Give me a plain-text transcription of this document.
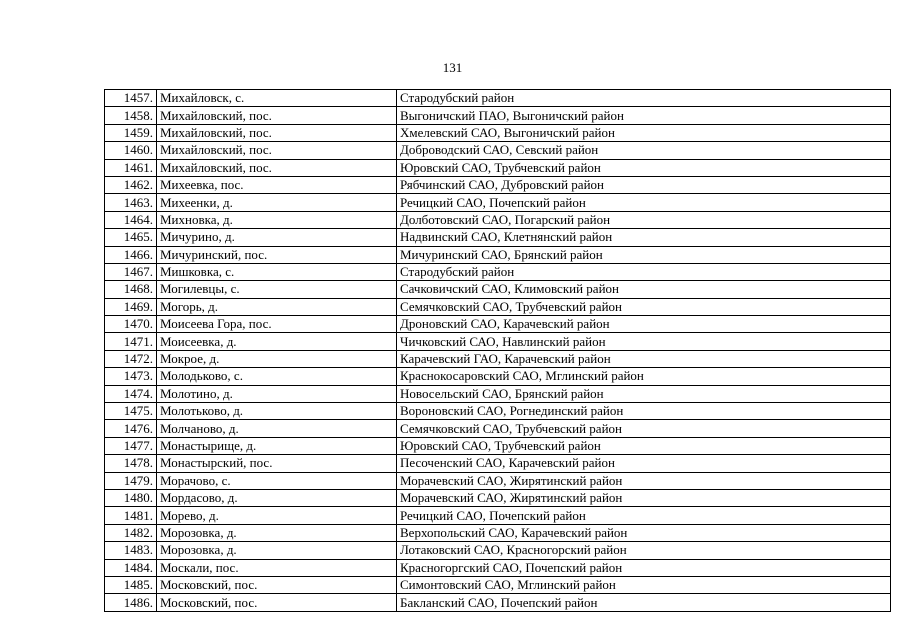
131
1457.	Михайловск, с.	Стародубский район
1458.	Михайловский, пос.	Выгоничский ПАО, Выгоничский район
1459.	Михайловский, пос.	Хмелевский САО, Выгоничский район
1460.	Михайловский, пос.	Доброводский САО, Севский район
1461.	Михайловский, пос.	Юровский САО, Трубчевский район
1462.	Михеевка, пос.	Рябчинский САО, Дубровский район
1463.	Михеенки, д.	Речицкий САО, Почепский район
1464.	Михновка, д.	Долботовский САО, Погарский район
1465.	Мичурино, д.	Надвинский САО, Клетнянский район
1466.	Мичуринский, пос.	Мичуринский САО, Брянский район
1467.	Мишковка, с.	Стародубский район
1468.	Могилевцы, с.	Сачковичский САО, Климовский район
1469.	Могорь, д.	Семячковский САО, Трубчевский район
1470.	Моисеева Гора, пос.	Дроновский САО, Карачевский район
1471.	Моисеевка, д.	Чичковский САО, Навлинский район
1472.	Мокрое, д.	Карачевский ГАО, Карачевский район
1473.	Молодьково, с.	Краснокосаровский САО, Мглинский район
1474.	Молотино, д.	Новосельский САО, Брянский район
1475.	Молотьково, д.	Вороновский САО, Рогнединский район
1476.	Молчаново, д.	Семячковский САО, Трубчевский район
1477.	Монастырище, д.	Юровский САО, Трубчевский район
1478.	Монастырский, пос.	Песоченский САО, Карачевский район
1479.	Морачово, с.	Морачевский САО, Жирятинский район
1480.	Мордасово, д.	Морачевский САО, Жирятинский район
1481.	Морево, д.	Речицкий САО, Почепский район
1482.	Морозовка, д.	Верхопольский САО, Карачевский район
1483.	Морозовка, д.	Лотаковский САО, Красногорский район
1484.	Москали, пос.	Красногоргский САО, Почепский район
1485.	Московский, пос.	Симонтовский САО, Мглинский район
1486.	Московский, пос.	Бакланский САО, Почепский район
